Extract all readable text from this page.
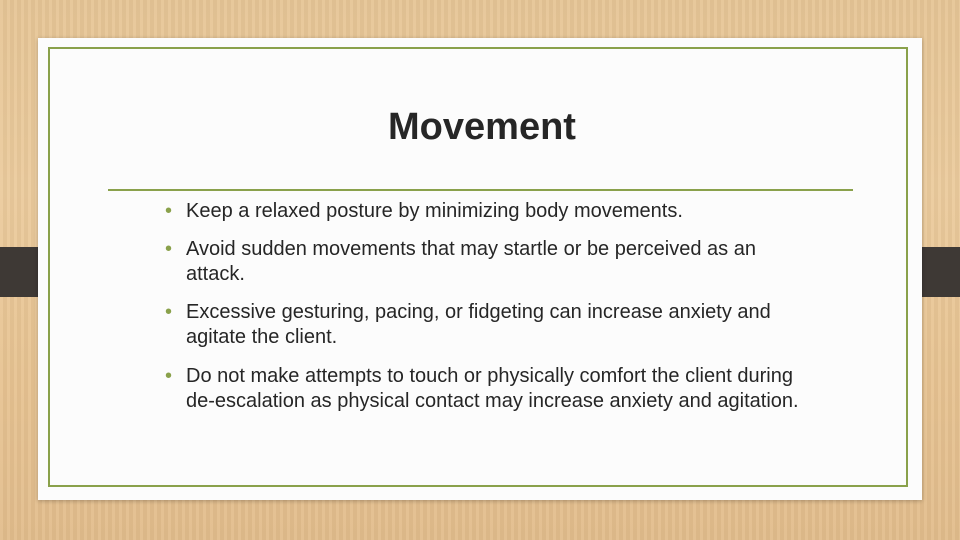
Movement
• Keep a relaxed posture by minimizing body movements.
• Avoid sudden movements that may startle or be perceived as an attack.
• Excessive gesturing, pacing, or fidgeting can increase anxiety and agitate the client.
• Do not make attempts to touch or physically comfort the client during de-escalation as physical contact may increase anxiety and agitation.
